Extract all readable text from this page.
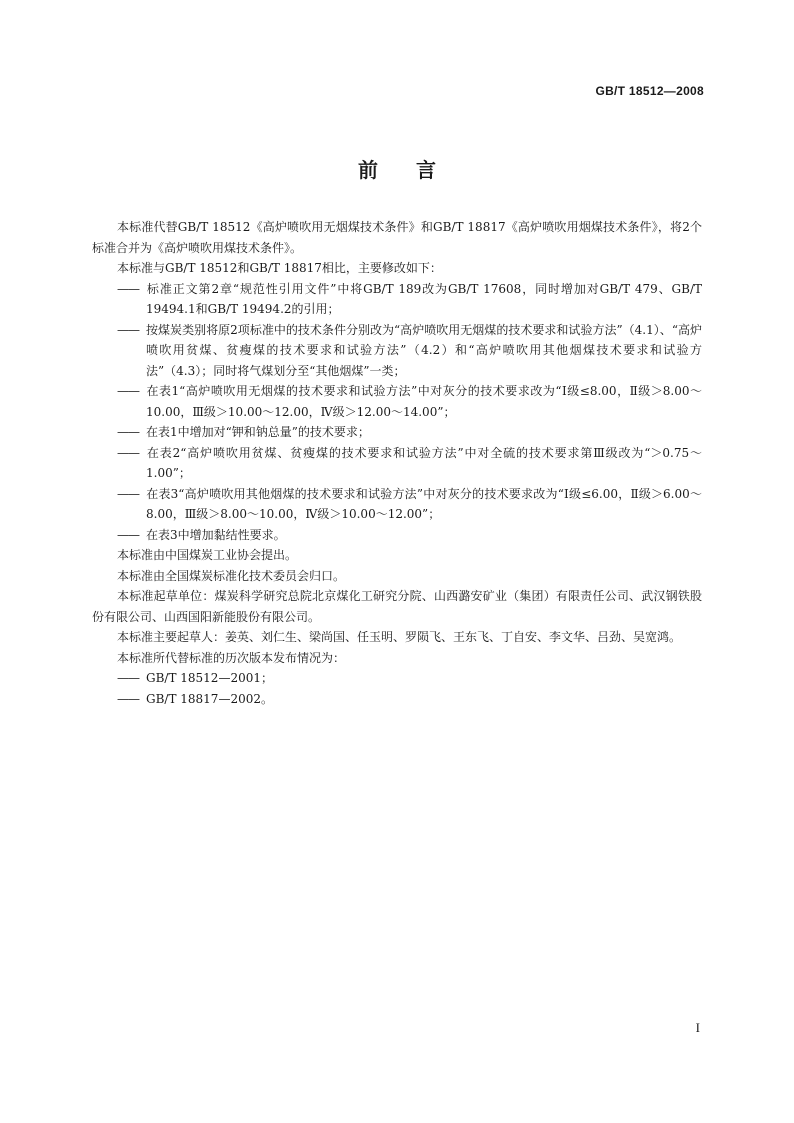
GB/T 18512—2008
前言

本标准代替GB/T 18512《高炉喷吹用无烟煤技术条件》和GB/T 18817《高炉喷吹用烟煤技术条件》，将2个标准合并为《高炉喷吹用煤技术条件》。

本标准与GB/T 18512和GB/T 18817相比，主要修改如下：

—— 标准正文第2章“规范性引用文件”中将GB/T 189改为GB/T 17608，同时增加对GB/T 479、GB/T 19494.1和GB/T 19494.2的引用；

—— 按煤炭类别将原2项标准中的技术条件分别改为“高炉喷吹用无烟煤的技术要求和试验方法”（4.1）、“高炉喷吹用贫煤、贫瘦煤的技术要求和试验方法”（4.2）和“高炉喷吹用其他烟煤技术要求和试验方法”（4.3）；同时将气煤划分至“其他烟煤”一类；

—— 在表1“高炉喷吹用无烟煤的技术要求和试验方法”中对灰分的技术要求改为“Ⅰ级≤8.00，Ⅱ级＞8.00～10.00，Ⅲ级＞10.00～12.00，Ⅳ级＞12.00～14.00”；

—— 在表1中增加对“钾和钠总量”的技术要求；

—— 在表2“高炉喷吹用贫煤、贫瘦煤的技术要求和试验方法”中对全硫的技术要求第Ⅲ级改为“＞0.75～1.00”；

—— 在表3“高炉喷吹用其他烟煤的技术要求和试验方法”中对灰分的技术要求改为“Ⅰ级≤6.00，Ⅱ级＞6.00～8.00，Ⅲ级＞8.00～10.00，Ⅳ级＞10.00～12.00”；

—— 在表3中增加黏结性要求。

本标准由中国煤炭工业协会提出。

本标准由全国煤炭标准化技术委员会归口。

本标准起草单位：煤炭科学研究总院北京煤化工研究分院、山西潞安矿业（集团）有限责任公司、武汉钢铁股份有限公司、山西国阳新能股份有限公司。

本标准主要起草人：姜英、刘仁生、梁尚国、任玉明、罗陨飞、王东飞、丁自安、李文华、吕劲、吴宽鸿。

本标准所代替标准的历次版本发布情况为：

—— GB/T 18512—2001；

—— GB/T 18817—2002。

I
